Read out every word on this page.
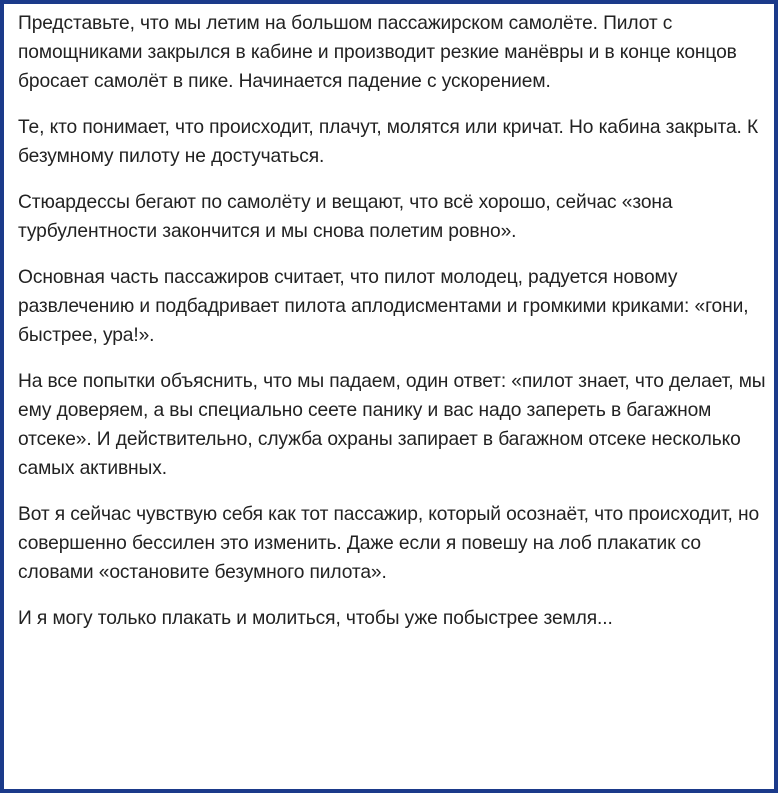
Представьте, что мы летим на большом пассажирском самолёте. Пилот с помощниками закрылся в кабине и производит резкие манёвры и в конце концов бросает самолёт в пике. Начинается падение с ускорением.

Те, кто понимает, что происходит, плачут, молятся или кричат. Но кабина закрыта. К безумному пилоту не достучаться.

Стюардессы бегают по самолёту и вещают, что всё хорошо, сейчас «зона турбулентности закончится и мы снова полетим ровно».

Основная часть пассажиров считает, что пилот молодец, радуется новому развлечению и подбадривает пилота аплодисментами и громкими криками: «гони, быстрее, ура!».

На все попытки объяснить, что мы падаем, один ответ: «пилот знает, что делает, мы ему доверяем, а вы специально сеете панику и вас надо запереть в багажном отсеке». И действительно, служба охраны запирает в багажном отсеке несколько самых активных.

Вот я сейчас чувствую себя как тот пассажир, который осознаёт, что происходит, но совершенно бессилен это изменить. Даже если я повешу на лоб плакатик со словами «остановите безумного пилота».

И я могу только плакать и молиться, чтобы уже побыстрее земля...
